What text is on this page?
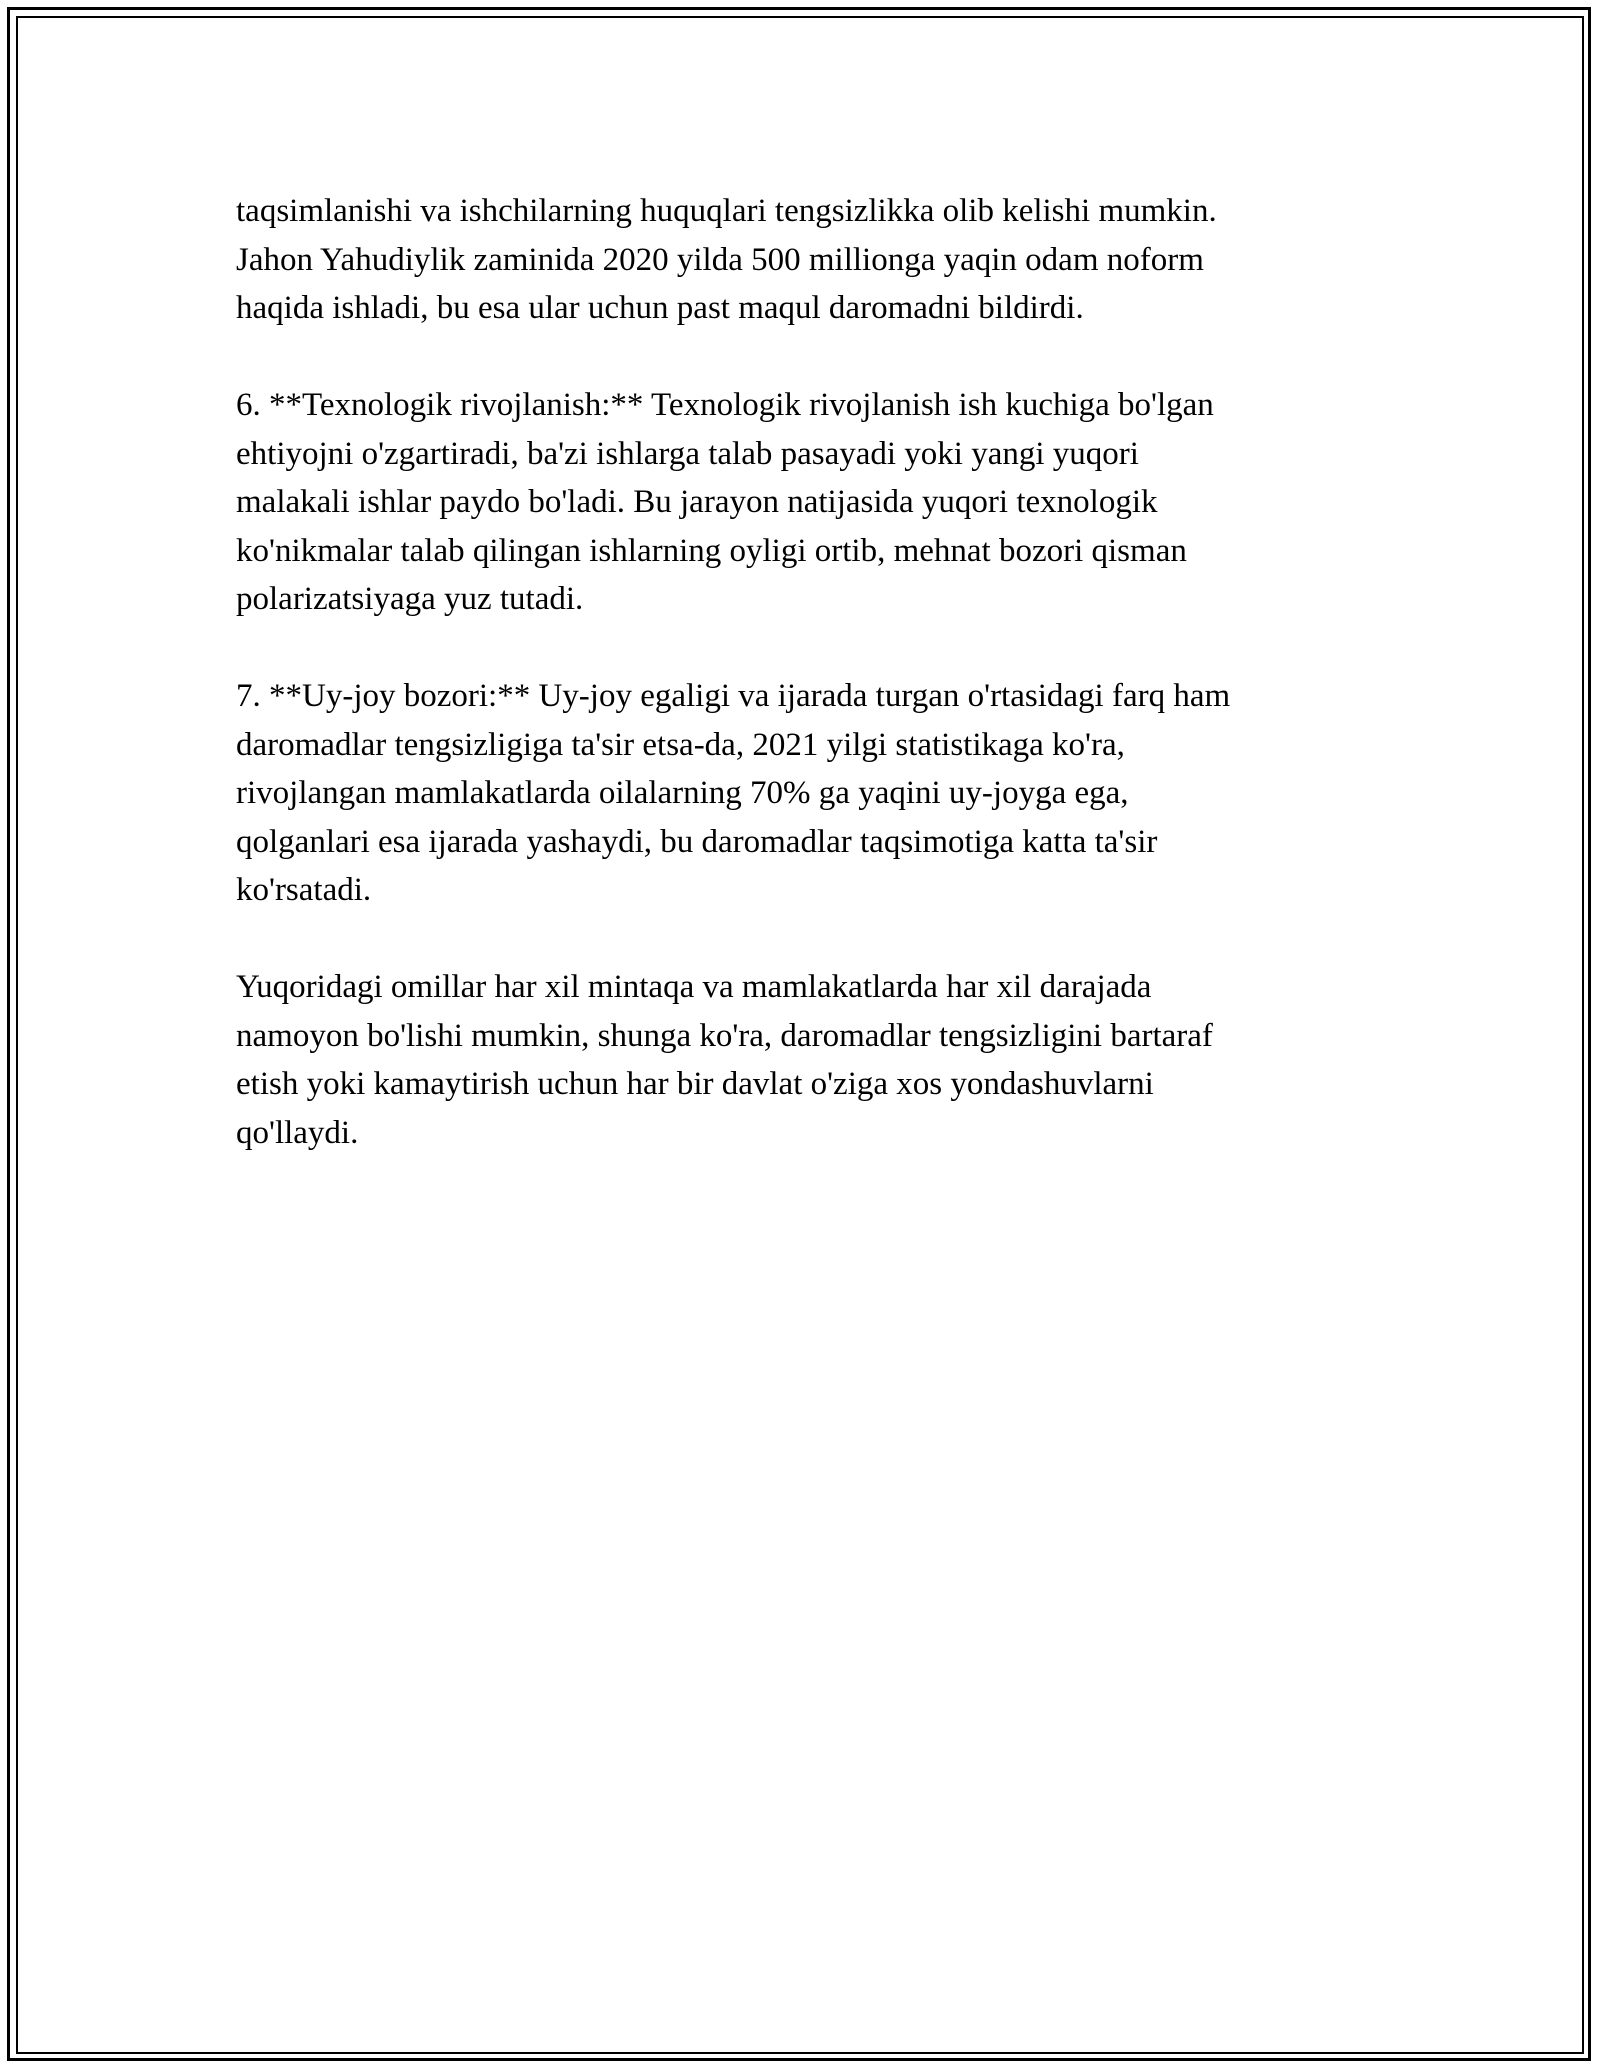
taqsimlanishi va ishchilarning huquqlari tengsizlikka olib kelishi mumkin.
Jahon Yahudiylik zaminida 2020 yilda 500 millionga yaqin odam noform
haqida ishladi, bu esa ular uchun past maqul daromadni bildirdi.

6. **Texnologik rivojlanish:** Texnologik rivojlanish ish kuchiga bo'lgan
ehtiyojni o'zgartiradi, ba'zi ishlarga talab pasayadi yoki yangi yuqori
malakali ishlar paydo bo'ladi. Bu jarayon natijasida yuqori texnologik
ko'nikmalar talab qilingan ishlarning oyligi ortib, mehnat bozori qisman
polarizatsiyaga yuz tutadi.

7. **Uy-joy bozori:** Uy-joy egaligi va ijarada turgan o'rtasidagi farq ham
daromadlar tengsizligiga ta'sir etsa-da, 2021 yilgi statistikaga ko'ra,
rivojlangan mamlakatlarda oilalarning 70% ga yaqini uy-joyga ega,
qolganlari esa ijarada yashaydi, bu daromadlar taqsimotiga katta ta'sir
ko'rsatadi.

Yuqoridagi omillar har xil mintaqa va mamlakatlarda har xil darajada
namoyon bo'lishi mumkin, shunga ko'ra, daromadlar tengsizligini bartaraf
etish yoki kamaytirish uchun har bir davlat o'ziga xos yondashuvlarni
qo'llaydi.
